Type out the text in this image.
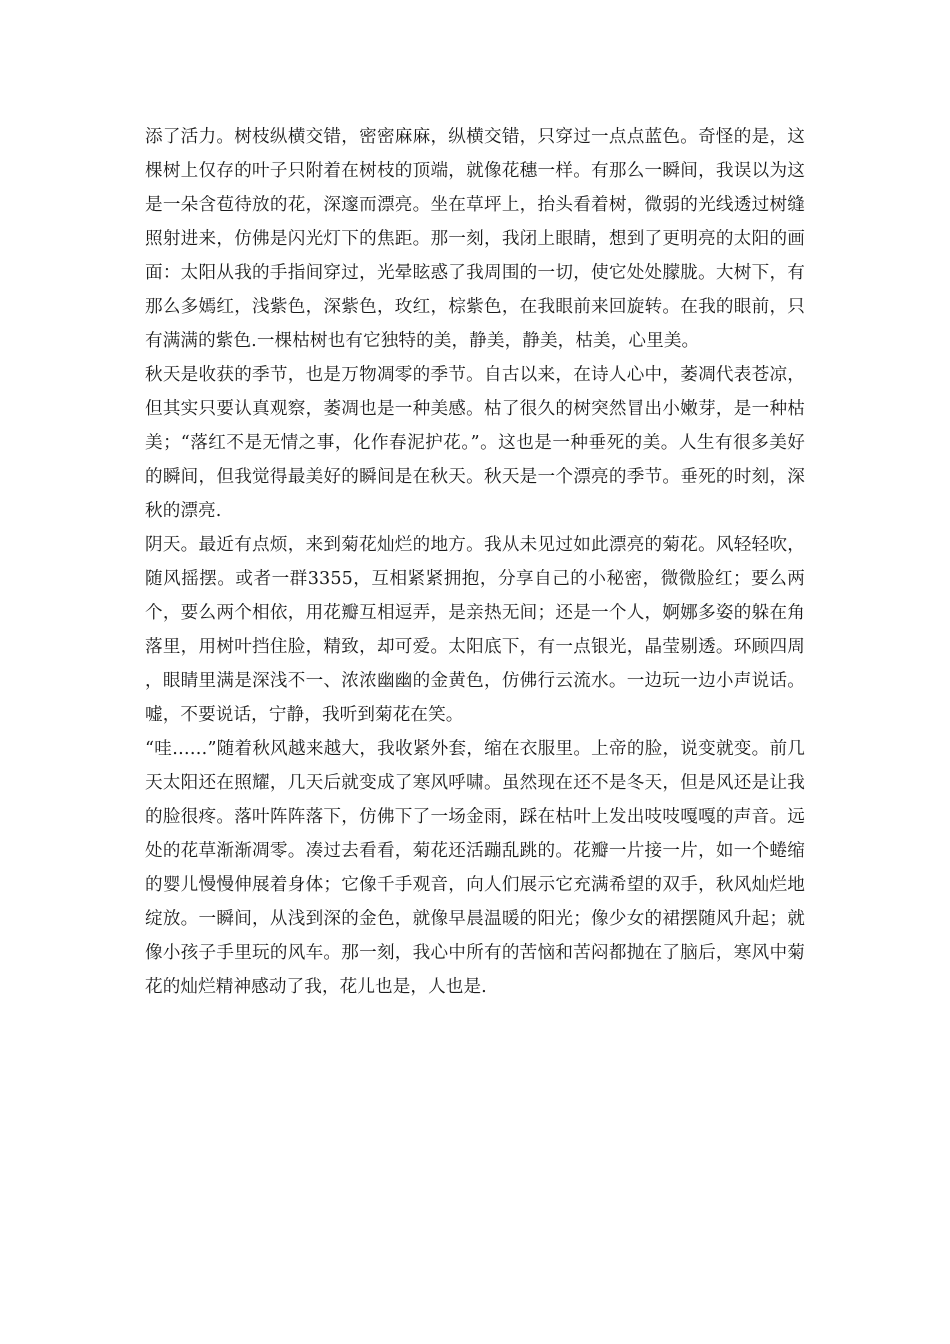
添了活力。树枝纵横交错，密密麻麻，纵横交错，只穿过一点点蓝色。奇怪的是，这棵树上仅存的叶子只附着在树枝的顶端，就像花穗一样。有那么一瞬间，我误以为这是一朵含苞待放的花，深邃而漂亮。坐在草坪上，抬头看着树，微弱的光线透过树缝照射进来，仿佛是闪光灯下的焦距。那一刻，我闭上眼睛，想到了更明亮的太阳的画面：太阳从我的手指间穿过，光晕眩惑了我周围的一切，使它处处朦胧。大树下，有那么多嫣红，浅紫色，深紫色，玫红，棕紫色，在我眼前来回旋转。在我的眼前，只有满满的紫色.一棵枯树也有它独特的美，静美，静美，枯美，心里美。

秋天是收获的季节，也是万物凋零的季节。自古以来，在诗人心中，萎凋代表苍凉，但其实只要认真观察，萎凋也是一种美感。枯了很久的树突然冒出小嫩芽，是一种枯美；“落红不是无情之事，化作春泥护花。”。这也是一种垂死的美。人生有很多美好的瞬间，但我觉得最美好的瞬间是在秋天。秋天是一个漂亮的季节。垂死的时刻，深秋的漂亮.

阴天。最近有点烦，来到菊花灿烂的地方。我从未见过如此漂亮的菊花。风轻轻吹，随风摇摆。或者一群3355，互相紧紧拥抱，分享自己的小秘密，微微脸红；要么两个，要么两个相依，用花瓣互相逗弄，是亲热无间；还是一个人，婀娜多姿的躲在角落里，用树叶挡住脸，精致，却可爱。太阳底下，有一点银光，晶莹剔透。环顾四周，眼睛里满是深浅不一、浓浓幽幽的金黄色，仿佛行云流水。一边玩一边小声说话。嘘，不要说话，宁静，我听到菊花在笑。

“哇……”随着秋风越来越大，我收紧外套，缩在衣服里。上帝的脸，说变就变。前几天太阳还在照耀，几天后就变成了寒风呼啸。虽然现在还不是冬天，但是风还是让我的脸很疼。落叶阵阵落下，仿佛下了一场金雨，踩在枯叶上发出吱吱嘎嘎的声音。远处的花草渐渐凋零。凑过去看看，菊花还活蹦乱跳的。花瓣一片接一片，如一个蜷缩的婴儿慢慢伸展着身体；它像千手观音，向人们展示它充满希望的双手，秋风灿烂地绽放。一瞬间，从浅到深的金色，就像早晨温暖的阳光；像少女的裙摆随风升起；就像小孩子手里玩的风车。那一刻，我心中所有的苦恼和苦闷都抛在了脑后，寒风中菊花的灿烂精神感动了我，花儿也是，人也是.
